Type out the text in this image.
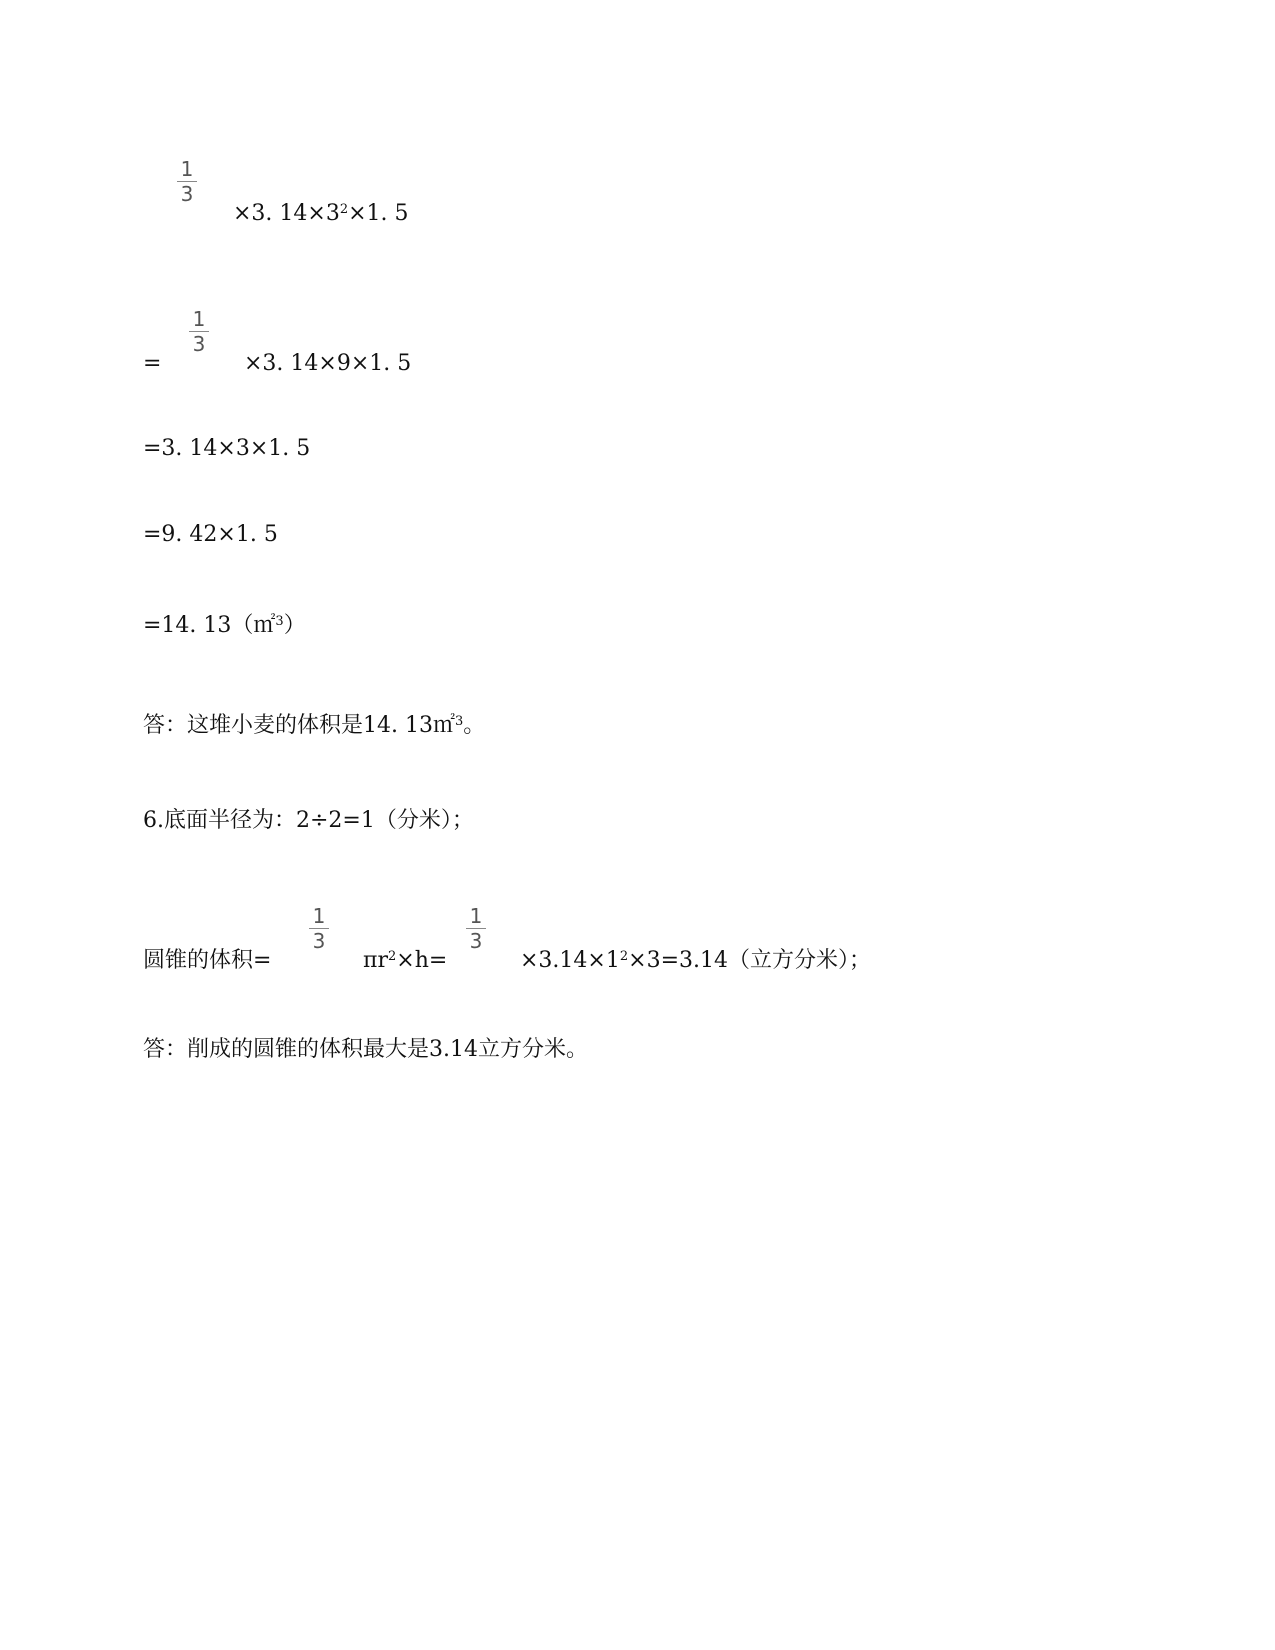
1
3
×3. $14\times 3^2\times 1$. 5
=
1
3
×3. 14×9×1. 5
=3. 14×3×1. 5
=9. 42×1. 5
=14. 13（㎡$^3$）
答：这堆小麦的体积是14. 13㎡$^3$。
6.底面半径为：2÷2=1（分米）；
圆锥的体积=
1
3
$\pi r^2\times h=$
1
3
$\times 3.14\times 1^2\times 3=3.14$（立方分米）；
答：削成的圆锥的体积最大是3.14立方分米。
